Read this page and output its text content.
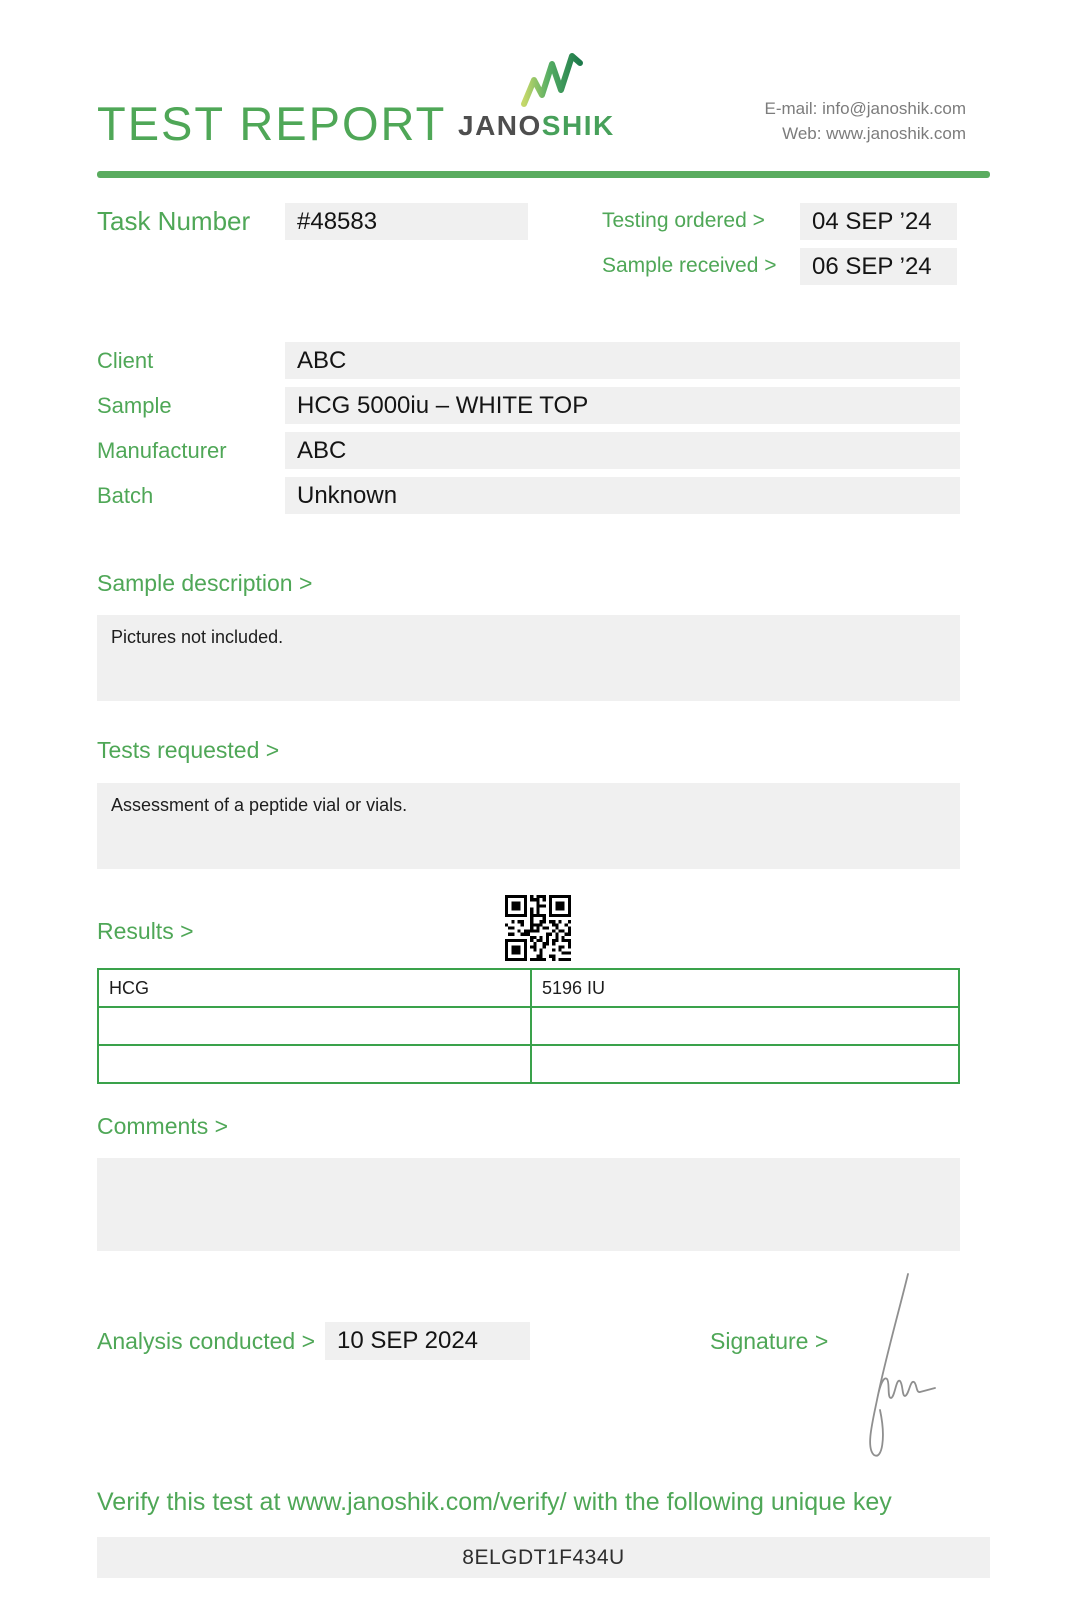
TEST REPORT JANOSHIK
E-mail: info@janoshik.com
Web: www.janoshik.com
Task Number	#48583	Testing ordered >	04 SEP ’24
Sample received >	06 SEP ’24
Client	ABC
Sample	HCG 5000iu – WHITE TOP
Manufacturer	ABC
Batch	Unknown
Sample description >
Pictures not included.
Tests requested >
Assessment of a peptide vial or vials.
Results >
HCG	5196 IU

Comments >
Analysis conducted > 10 SEP 2024	Signature >
Verify this test at www.janoshik.com/verify/ with the following unique key
8ELGDT1F434U
